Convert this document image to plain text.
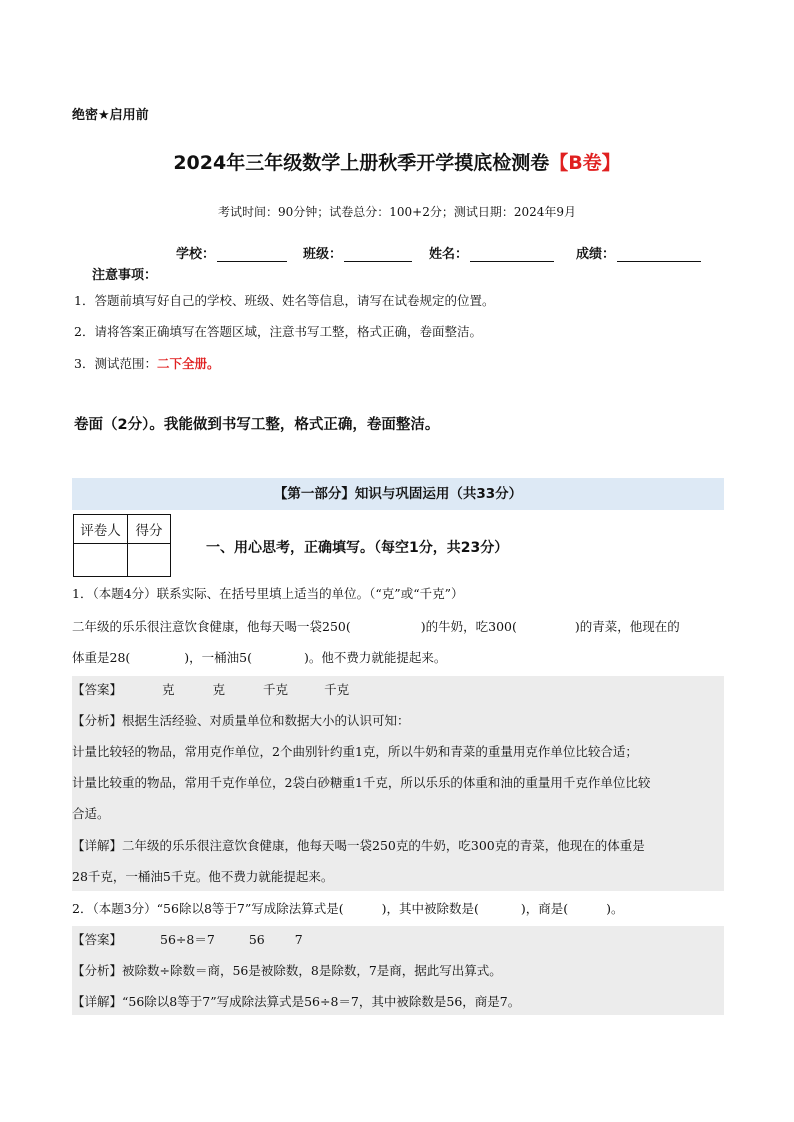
绝密★启用前
2024年三年级数学上册秋季开学摸底检测卷【B卷】
考试时间：90分钟；试卷总分：100+2分；测试日期：2024年9月
学校：	班级：	姓名：	成绩：
注意事项：
1．答题前填写好自己的学校、班级、姓名等信息，请写在试卷规定的位置。
2．请将答案正确填写在答题区域，注意书写工整，格式正确，卷面整洁。
3．测试范围：二下全册。
卷面（2分）。我能做到书写工整，格式正确，卷面整洁。
【第一部分】知识与巩固运用（共33分）
评卷人	得分

一、用心思考，正确填写。（每空1分，共23分）
1．（本题4分）联系实际、在括号里填上适当的单位。（“克”或“千克”）
二年级的乐乐很注意饮食健康，他每天喝一袋250(	)的牛奶，吃300(	)的青菜，他现在的
体重是28(	)，一桶油5(	)。他不费力就能提起来。
【答案】	克	克	千克	千克
【分析】根据生活经验、对质量单位和数据大小的认识可知：
计量比较轻的物品，常用克作单位，2个曲别针约重1克，所以牛奶和青菜的重量用克作单位比较合适；
计量比较重的物品，常用千克作单位，2袋白砂糖重1千克，所以乐乐的体重和油的重量用千克作单位比较
合适。
【详解】二年级的乐乐很注意饮食健康，他每天喝一袋250克的牛奶，吃300克的青菜，他现在的体重是
28千克，一桶油5千克。他不费力就能提起来。
2．（本题3分）“56除以8等于7”写成除法算式是(	)，其中被除数是(	)，商是(	)。
【答案】	56÷8＝7	56 7
【分析】被除数÷除数＝商，56是被除数，8是除数，7是商，据此写出算式。
【详解】“56除以8等于7”写成除法算式是56÷8＝7，其中被除数是56，商是7。
